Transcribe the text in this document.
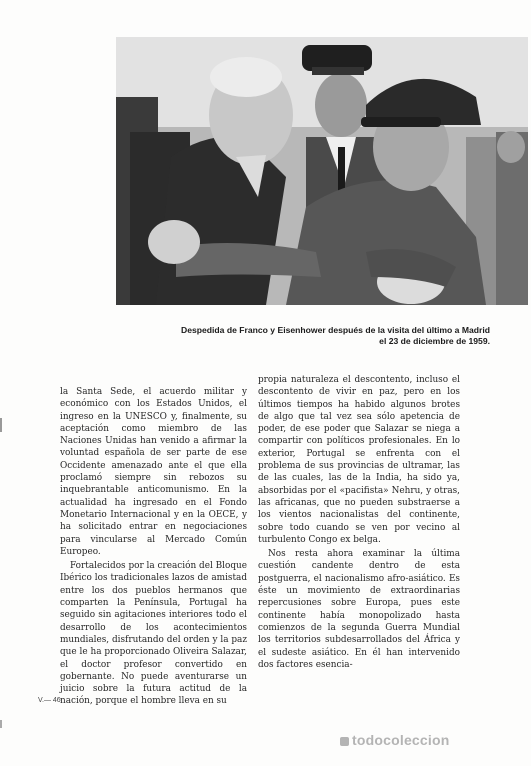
Despedida de Franco y Eisenhower después de la visita del último a Madrid
el 23 de diciembre de 1959.

la Santa Sede, el acuerdo militar y económico con los Estados Unidos, el ingreso en la UNESCO y, finalmente, su aceptación como miembro de las Naciones Unidas han venido a afirmar la voluntad española de ser parte de ese Occidente amenazado ante el que ella proclamó siempre sin rebozos su inquebrantable anticomunismo. En la actualidad ha ingresado en el Fondo Monetario Internacional y en la OECE, y ha solicitado entrar en negociaciones para vincularse al Mercado Común Europeo.

Fortalecidos por la creación del Bloque Ibérico los tradicionales lazos de amistad entre los dos pueblos hermanos que comparten la Península, Portugal ha seguido sin agitaciones interiores todo el desarrollo de los acontecimientos mundiales, disfrutando del orden y la paz que le ha proporcionado Oliveira Salazar, el doctor profesor convertido en gobernante. No puede aventurarse un juicio sobre la futura actitud de la nación, porque el hombre lleva en su

propia naturaleza el descontento, incluso el descontento de vivir en paz, pero en los últimos tiempos ha habido algunos brotes de algo que tal vez sea sólo apetencia de poder, de ese poder que Salazar se niega a compartir con políticos profesionales. En lo exterior, Portugal se enfrenta con el problema de sus provincias de ultramar, las de las cuales, las de la India, ha sido ya, absorbidas por el «pacifista» Nehru, y otras, las africanas, que no pueden substraerse a los vientos nacionalistas del continente, sobre todo cuando se ven por vecino al turbulento Congo ex belga.

Nos resta ahora examinar la última cuestión candente dentro de esta postguerra, el nacionalismo afro-asiático. Es éste un movimiento de extraordinarias repercusiones sobre Europa, pues este continente había monopolizado hasta comienzos de la segunda Guerra Mundial los territorios subdesarrollados del África y el sudeste asiático. En él han intervenido dos factores esencia-

V.— 46
todocoleccion
